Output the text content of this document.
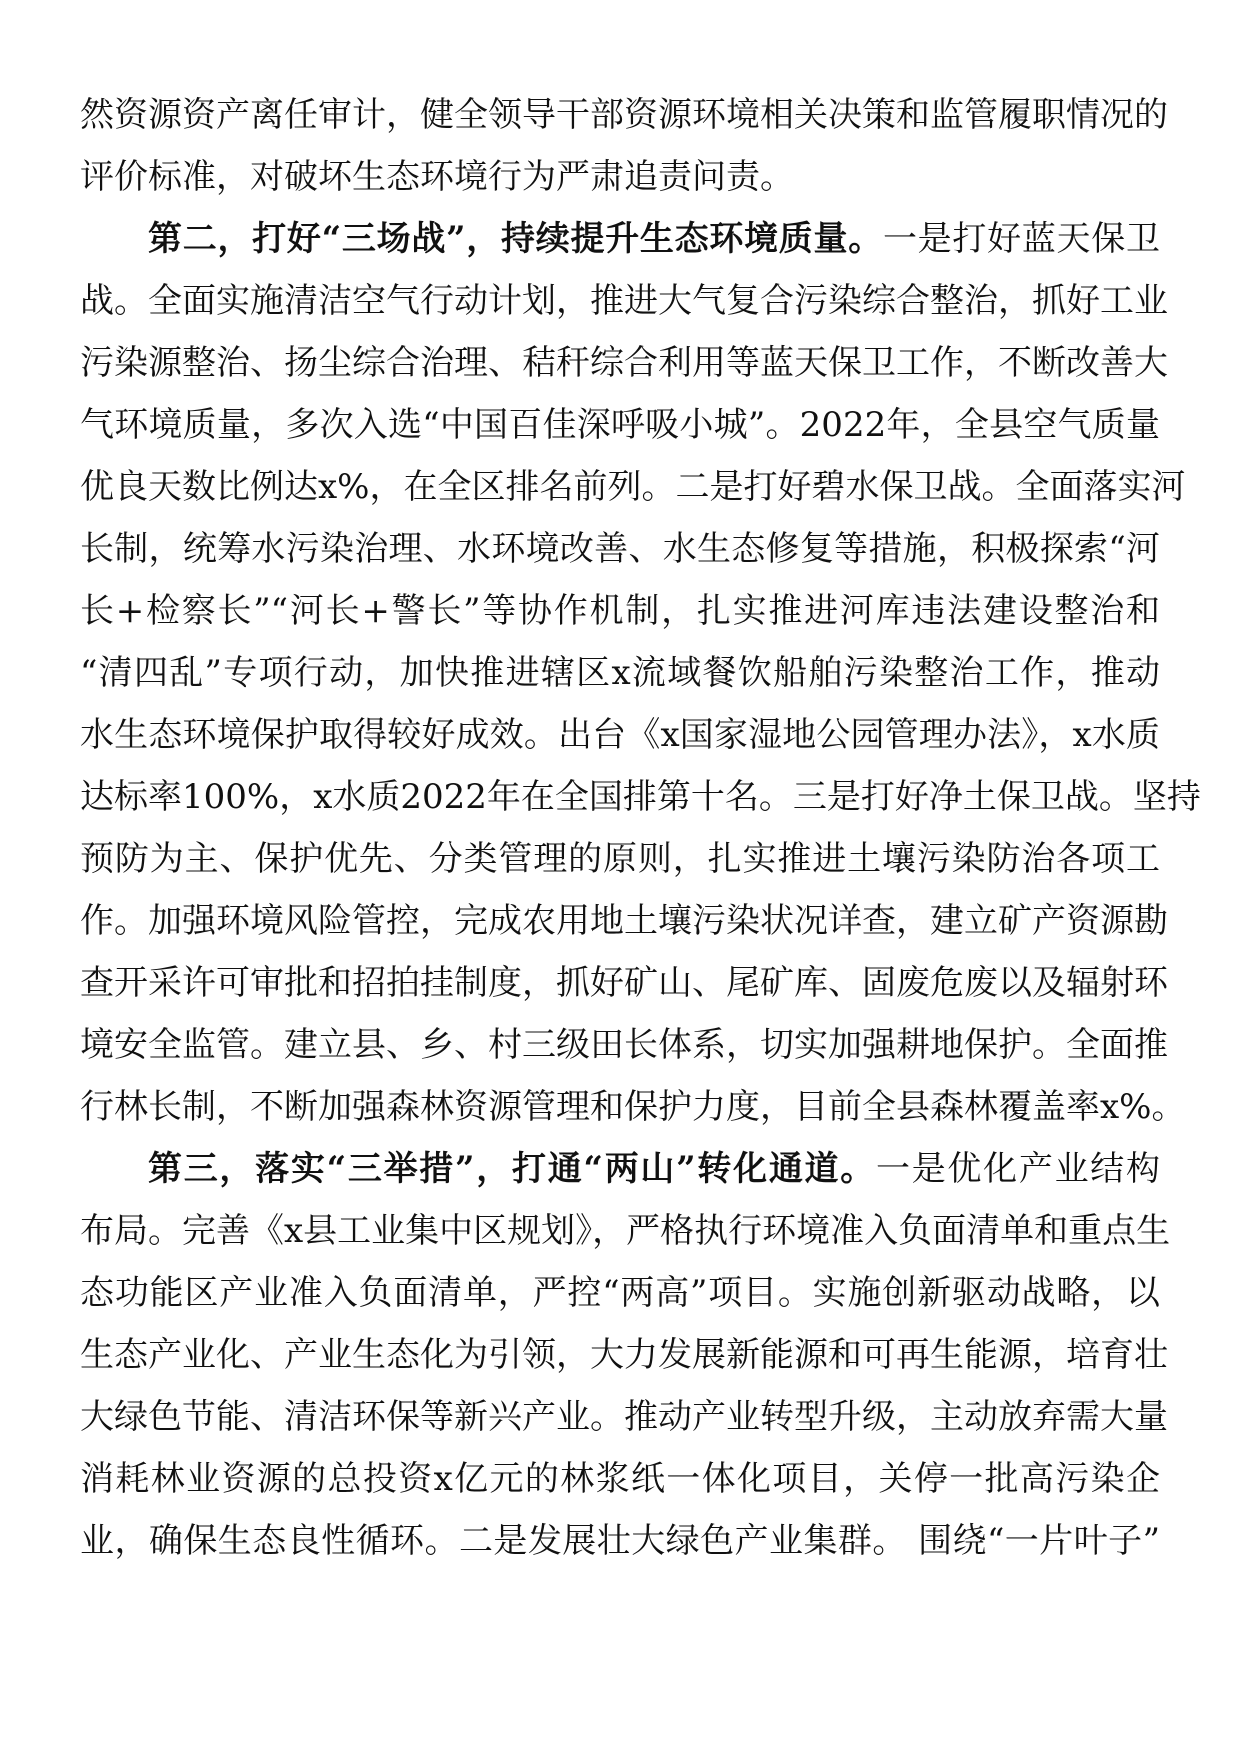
然资源资产离任审计，健全领导干部资源环境相关决策和监管履职情况的
评价标准，对破坏生态环境行为严肃追责问责。
第二，打好“三场战”，持续提升生态环境质量。一是打好蓝天保卫
战。全面实施清洁空气行动计划，推进大气复合污染综合整治，抓好工业
污染源整治、扬尘综合治理、秸秆综合利用等蓝天保卫工作，不断改善大
气环境质量，多次入选“中国百佳深呼吸小城”。2022年，全县空气质量
优良天数比例达x%，在全区排名前列。二是打好碧水保卫战。全面落实河
长制，统筹水污染治理、水环境改善、水生态修复等措施，积极探索“河
长+检察长”“河长+警长”等协作机制，扎实推进河库违法建设整治和
“清四乱”专项行动，加快推进辖区x流域餐饮船舶污染整治工作，推动
水生态环境保护取得较好成效。出台《x国家湿地公园管理办法》，x水质
达标率100%，x水质2022年在全国排第十名。三是打好净土保卫战。坚持
预防为主、保护优先、分类管理的原则，扎实推进土壤污染防治各项工
作。加强环境风险管控，完成农用地土壤污染状况详查，建立矿产资源勘
查开采许可审批和招拍挂制度，抓好矿山、尾矿库、固废危废以及辐射环
境安全监管。建立县、乡、村三级田长体系，切实加强耕地保护。全面推
行林长制，不断加强森林资源管理和保护力度，目前全县森林覆盖率x%。
第三，落实“三举措”，打通“两山”转化通道。一是优化产业结构
布局。完善《x县工业集中区规划》，严格执行环境准入负面清单和重点生
态功能区产业准入负面清单，严控“两高”项目。实施创新驱动战略，以
生态产业化、产业生态化为引领，大力发展新能源和可再生能源，培育壮
大绿色节能、清洁环保等新兴产业。推动产业转型升级，主动放弃需大量
消耗林业资源的总投资x亿元的林浆纸一体化项目，关停一批高污染企
业，确保生态良性循环。二是发展壮大绿色产业集群。 围绕“一片叶子”
